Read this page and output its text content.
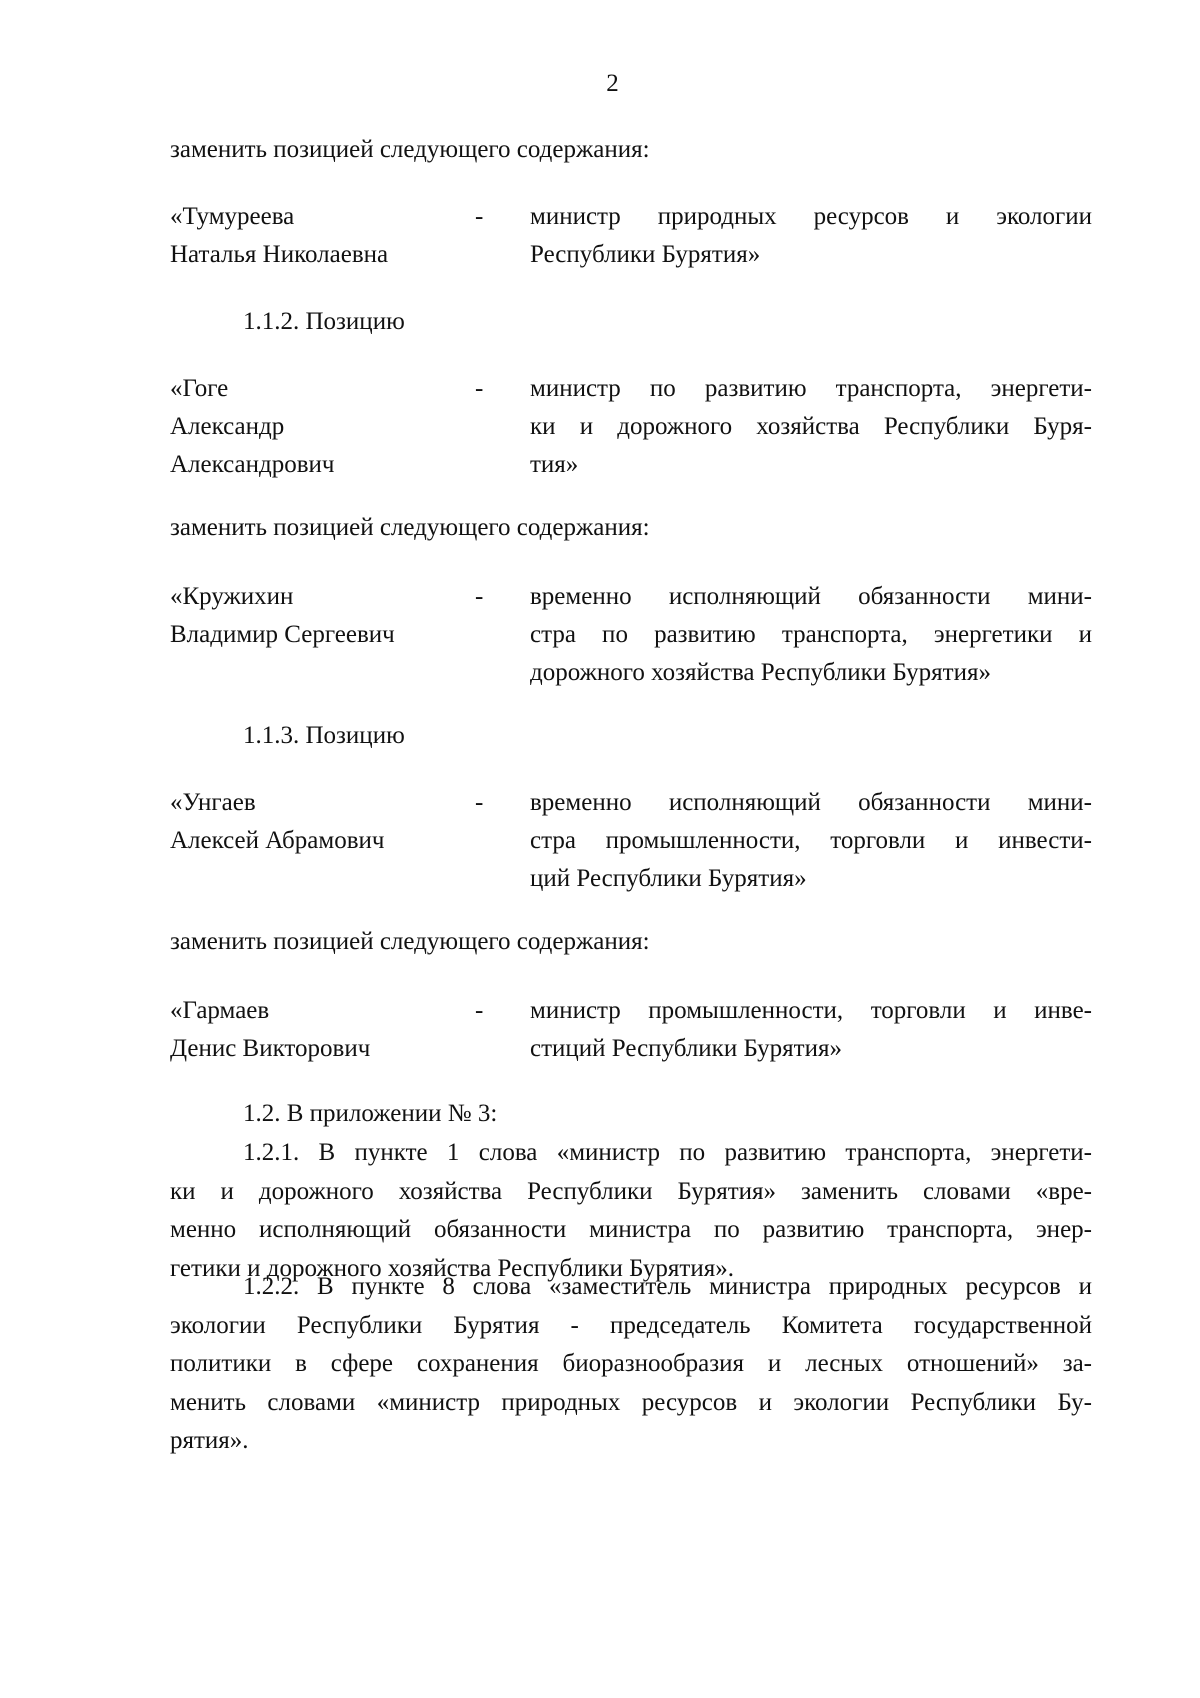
2
заменить позицией следующего содержания:
«Тумуреева
Наталья Николаевна
- министр природных ресурсов и экологии
Республики Бурятия»
1.1.2. Позицию
«Гоге
Александр
Александрович
- министр по развитию транспорта, энергети-
ки и дорожного хозяйства Республики Буря-
тия»
заменить позицией следующего содержания:
«Кружихин
Владимир Сергеевич
- временно исполняющий обязанности мини-
стра по развитию транспорта, энергетики и
дорожного хозяйства Республики Бурятия»
1.1.3. Позицию
«Унгаев
Алексей Абрамович
- временно исполняющий обязанности мини-
стра промышленности, торговли и инвести-
ций Республики Бурятия»
заменить позицией следующего содержания:
«Гармаев
Денис Викторович
- министр промышленности, торговли и инве-
стиций Республики Бурятия»
1.2. В приложении № 3:
1.2.1. В пункте 1 слова «министр по развитию транспорта, энергети-
ки и дорожного хозяйства Республики Бурятия» заменить словами «вре-
менно исполняющий обязанности министра по развитию транспорта, энер-
гетики и дорожного хозяйства Республики Бурятия».
1.2.2. В пункте 8 слова «заместитель министра природных ресурсов и
экологии Республики Бурятия - председатель Комитета государственной
политики в сфере сохранения биоразнообразия и лесных отношений» за-
менить словами «министр природных ресурсов и экологии Республики Бу-
рятия».
